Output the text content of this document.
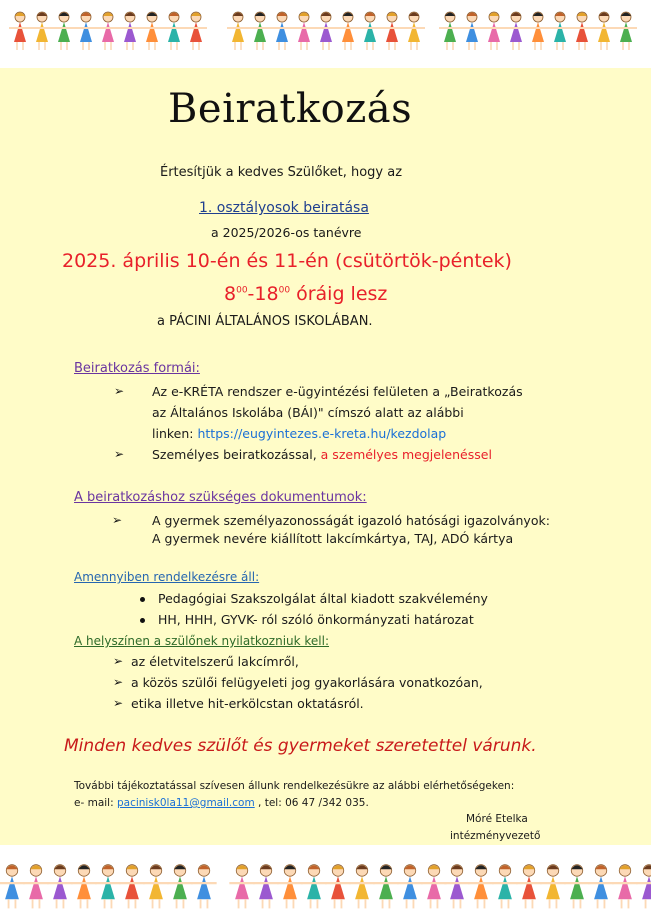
Beiratkozás
Értesítjük a kedves Szülőket, hogy az
1. osztályosok beiratása
a 2025/2026-os tanévre
2025. április 10-én és 11-én (csütörtök-péntek)
$8^{00}-18^{00}$ óráig lesz
a PÁCINI ÁLTALÁNOS ISKOLÁBAN.
Beiratkozás formái:
➢ Az e-KRÉTA rendszer e-ügyintézési felületen a „Beiratkozás
az Általános Iskolába (BÁI)" címszó alatt az alábbi
linken: https://eugyintezes.e-kreta.hu/kezdolap
➢ Személyes beiratkozással, a személyes megjelenéssel
A beiratkozáshoz szükséges dokumentumok:
➢ A gyermek személyazonosságát igazoló hatósági igazolványok:
A gyermek nevére kiállított lakcímkártya, TAJ, ADÓ kártya
Amennyiben rendelkezésre áll:
Pedagógiai Szakszolgálat által kiadott szakvélemény
HH, HHH, GYVK- ról szóló önkormányzati határozat
A helyszínen a szülőnek nyilatkozniuk kell:
➢ az életvitelszerű lakcímről,
➢ a közös szülői felügyeleti jog gyakorlására vonatkozóan,
➢ etika illetve hit-erkölcstan oktatásról.
Minden kedves szülőt és gyermeket szeretettel várunk.
További tájékoztatással szívesen állunk rendelkezésükre az alábbi elérhetőségeken:
e- mail: pacinisk0la11@gmail.com , tel: 06 47 /342 035.
Móré Etelka
intézményvezető
